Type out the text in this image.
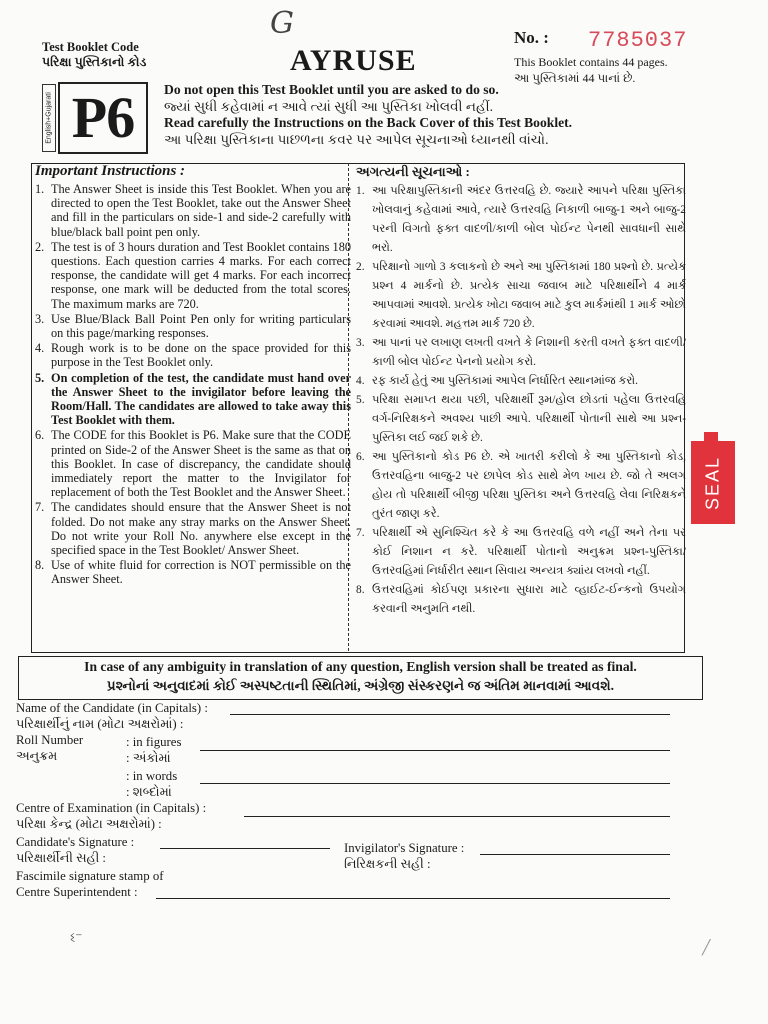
Test Booklet Code
પરિક્ષા પુસ્તિકાનો કોડ
English+Gujarati P6
G
AYRUSE
No. : 7785037
This Booklet contains 44 pages.
આ પુસ્તિકામાં 44 પાનાં છે.
Do not open this Test Booklet until you are asked to do so.
જ્યાં સુધી કહેવામાં ન આવે ત્યાં સુધી આ પુસ્તિકા ખોલવી નહીં.
Read carefully the Instructions on the Back Cover of this Test Booklet.
આ પરિક્ષા પુસ્તિકાના પાછળના કવર પર આપેલ સૂચનાઓ ધ્યાનથી વાંચો.
Important Instructions :
1. The Answer Sheet is inside this Test Booklet. When you are directed to open the Test Booklet, take out the Answer Sheet and fill in the particulars on side-1 and side-2 carefully with blue/black ball point pen only.
2. The test is of 3 hours duration and Test Booklet contains 180 questions. Each question carries 4 marks. For each correct response, the candidate will get 4 marks. For each incorrect response, one mark will be deducted from the total scores. The maximum marks are 720.
3. Use Blue/Black Ball Point Pen only for writing particulars on this page/marking responses.
4. Rough work is to be done on the space provided for this purpose in the Test Booklet only.
5. On completion of the test, the candidate must hand over the Answer Sheet to the invigilator before leaving the Room/Hall. The candidates are allowed to take away this Test Booklet with them.
6. The CODE for this Booklet is P6. Make sure that the CODE printed on Side-2 of the Answer Sheet is the same as that on this Booklet. In case of discrepancy, the candidate should immediately report the matter to the Invigilator for replacement of both the Test Booklet and the Answer Sheet.
7. The candidates should ensure that the Answer Sheet is not folded. Do not make any stray marks on the Answer Sheet. Do not write your Roll No. anywhere else except in the specified space in the Test Booklet/ Answer Sheet.
8. Use of white fluid for correction is NOT permissible on the Answer Sheet.
અગત્યની સૂચનાઓ :
1. આ પરિક્ષાપુસ્તિકાની અંદર ઉત્તરવહિ છે. જ્યારે આપને પરિક્ષા પુસ્તિકા ખોલવાનું કહેવામાં આવે, ત્યારે ઉત્તરવહિ નિકાળી બાજુ-1 અને બાજુ-2 પરની વિગતો ફક્ત વાદળી/કાળી બોલ પોઈન્ટ પેનથી સાવધાની સાથે ભરો.
2. પરિક્ષાનો ગાળો 3 કલાકનો છે અને આ પુસ્તિકામાં 180 પ્રશ્નો છે. પ્રત્યેક પ્રશ્ન 4 માર્કનો છે. પ્રત્યેક સાચા જવાબ માટે પરિક્ષાર્થીને 4 માર્ક આપવામાં આવશે. પ્રત્યેક ખોટા જવાબ માટે કુલ માર્કમાંથી 1 માર્ક ઓછો કરવામાં આવશે. મહત્તમ માર્ક 720 છે.
3. આ પાનાં પર લખાણ લખતી વખતે કે નિશાની કરતી વખતે ફક્ત વાદળી/કાળી બોલ પોઈન્ટ પેનનો પ્રયોગ કરો.
4. રફ કાર્ય હેતું આ પુસ્તિકામાં આપેલ નિર્ધારિત સ્થાનમાંજ કરો.
5. પરિક્ષા સમાપ્ત થયા પછી, પરિક્ષાર્થી રૂમ/હોલ છોડતાં પહેલા ઉત્તરવહિ વર્ગ-નિરિક્ષકને અવશ્ય પાછી આપે. પરિક્ષાર્થી પોતાની સાથે આ પ્રશ્ન-પુસ્તિકા લઈ જઈ શકે છે.
6. આ પુસ્તિકાનો કોડ P6 છે. એ ખાતરી કરીલો કે આ પુસ્તિકાનો કોડ, ઉત્તરવહિના બાજુ-2 પર છાપેલ કોડ સાથે મેળ ખાય છે. જો તે અલગ હોય તો પરિક્ષાર્થી બીજી પરિક્ષા પુસ્તિકા અને ઉત્તરવહિ લેવા નિરિક્ષકને તુરંત જાણ કરે.
7. પરિક્ષાર્થી એ સુનિશ્ચિત કરે કે આ ઉત્તરવહિ વળે નહીં અને તેના પર કોઈ નિશાન ન કરે. પરિક્ષાર્થી પોતાનો અનુક્રમ પ્રશ્ન-પુસ્તિકા/ઉત્તરવહિમાં નિર્ધારીત સ્થાન સિવાય અન્યત્ર ક્યાંય લખવો નહીં.
8. ઉત્તરવહિમાં કોઈપણ પ્રકારના સુધારા માટે વ્હાઈટ-ઈન્કનો ઉપયોગ કરવાની અનુમતિ નથી.
In case of any ambiguity in translation of any question, English version shall be treated as final.
પ્રશ્નોનાં અનુવાદમાં કોઈ અસ્પષ્ટતાની સ્થિતિમાં, અંગ્રેજી સંસ્કરણને જ અંતિમ માનવામાં આવશે.
Name of the Candidate (in Capitals) :
પરિક્ષાર્થીનું નામ (મોટા અક્ષરોમાં) :
Roll Number	: in figures
અનુક્રમ	: અંકોમાં
: in words
: શબ્દોમાં
Centre of Examination (in Capitals) :
પરિક્ષા કેન્દ્ર (મોટા અક્ષરોમાં) :
Candidate's Signature :
પરિક્ષાર્થીની સહી :
Invigilator's Signature :
નિરિક્ષકની સહી :
Fascimile signature stamp of
Centre Superintendent :
SEAL
ଽ⁻
╱
